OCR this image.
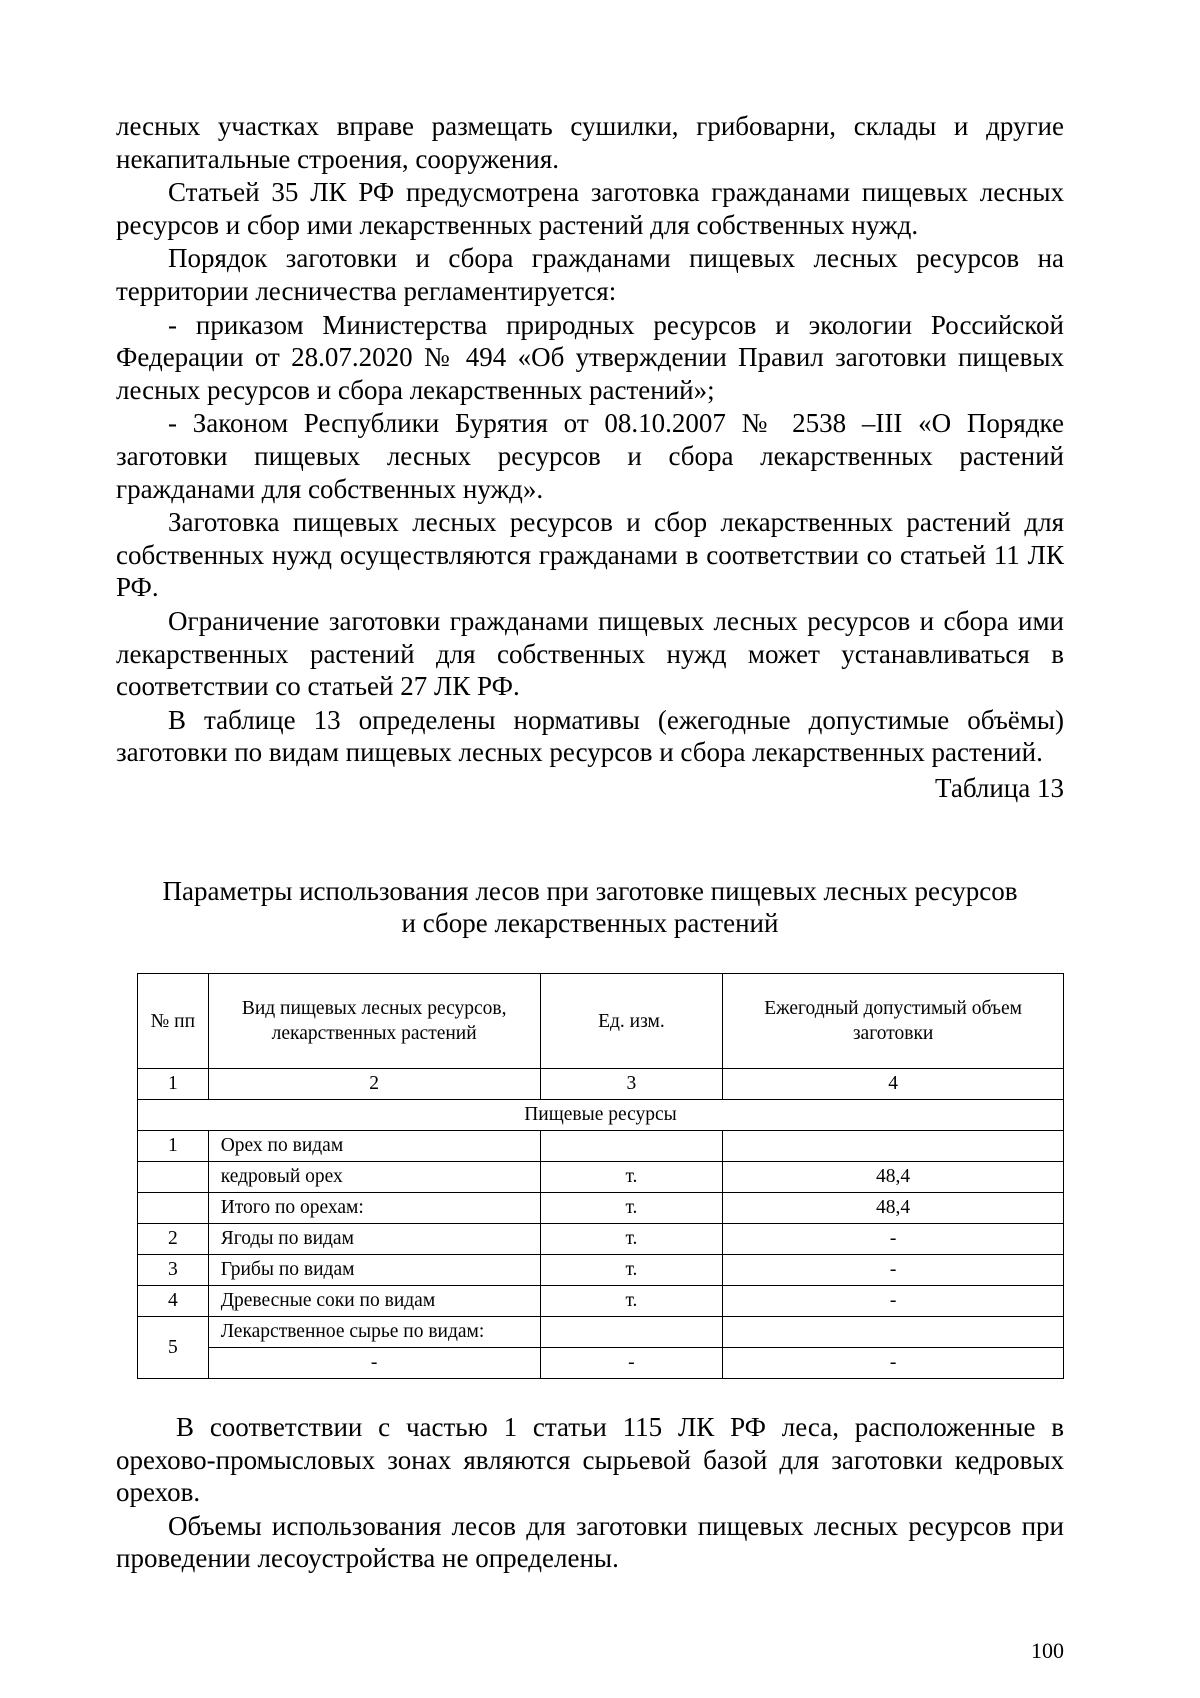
лесных участках вправе размещать сушилки, грибоварни, склады и другие некапитальные строения, сооружения.

Статьей 35 ЛК РФ предусмотрена заготовка гражданами пищевых лесных ресурсов и сбор ими лекарственных растений для собственных нужд.

Порядок заготовки и сбора гражданами пищевых лесных ресурсов на территории лесничества регламентируется:

- приказом Министерства природных ресурсов и экологии Российской Федерации от 28.07.2020 № 494 «Об утверждении Правил заготовки пищевых лесных ресурсов и сбора лекарственных растений»;

- Законом Республики Бурятия от 08.10.2007 № 2538 –III «О Порядке заготовки пищевых лесных ресурсов и сбора лекарственных растений гражданами для собственных нужд».

Заготовка пищевых лесных ресурсов и сбор лекарственных растений для собственных нужд осуществляются гражданами в соответствии со статьей 11 ЛК РФ.

Ограничение заготовки гражданами пищевых лесных ресурсов и сбора ими лекарственных растений для собственных нужд может устанавливаться в соответствии со статьей 27 ЛК РФ.

В таблице 13 определены нормативы (ежегодные допустимые объёмы) заготовки по видам пищевых лесных ресурсов и сбора лекарственных растений.

Таблица 13

Параметры использования лесов при заготовке пищевых лесных ресурсов
и сборе лекарственных растений
№ пп	Вид пищевых лесных ресурсов, лекарственных растений	Ед. изм.	Ежегодный допустимый объем заготовки
1	2	3	4
Пищевые ресурсы			
1	Орех по видам		
	кедровый орех	т.	48,4
	Итого по орехам:	т.	48,4
2	Ягоды по видам	т.	-
3	Грибы по видам	т.	-
4	Древесные соки по видам	т.	-
5	Лекарственное сырье по видам:		
	-	-	-

В соответствии с частью 1 статьи 115 ЛК РФ леса, расположенные в орехово-промысловых зонах являются сырьевой базой для заготовки кедровых орехов.

Объемы использования лесов для заготовки пищевых лесных ресурсов при проведении лесоустройства не определены.

100
